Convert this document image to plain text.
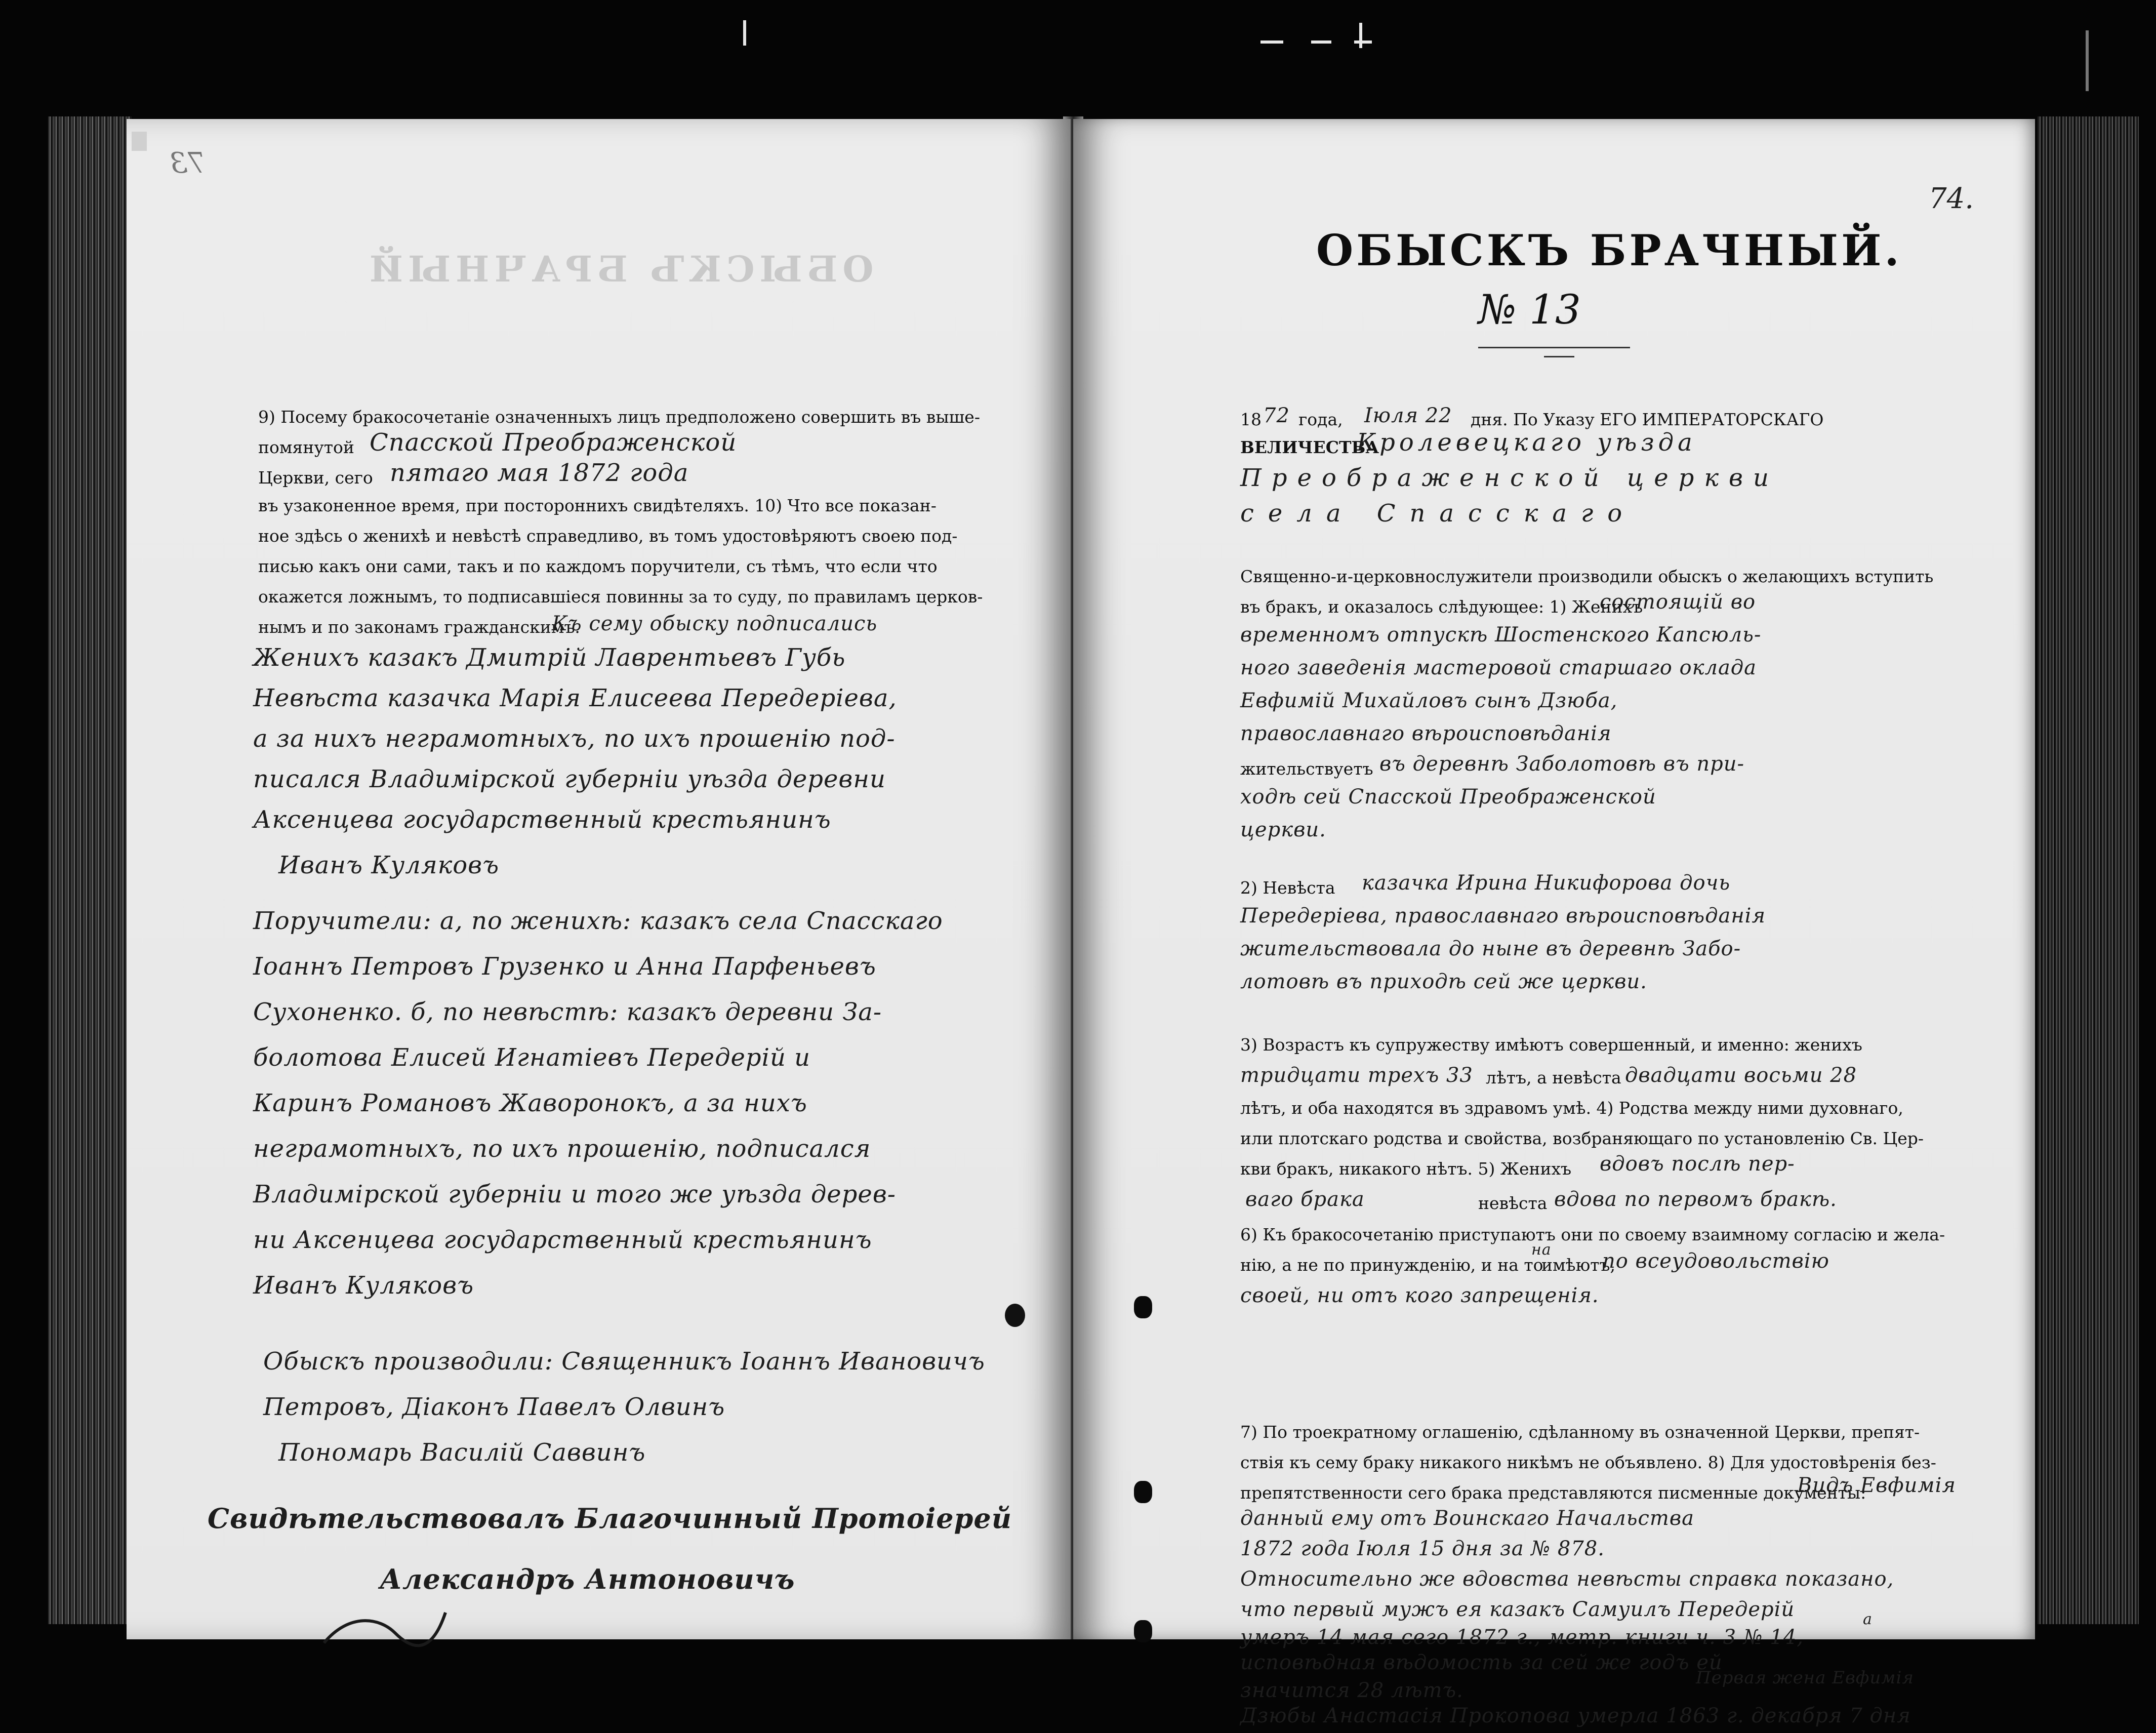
73
ОБЫСКЪ БРАЧНЫЙ
9) Посему бракосочетаніе означенныхъ лицъ предположено совершить въ выше-
помянутой Спасской Преображенской
Церкви, сего пятаго мая 1872 года
въ узаконенное время, при постороннихъ свидѣтеляхъ. 10) Что все показан-
ное здѣсь о женихѣ и невѣстѣ справедливо, въ томъ удостовѣряютъ своею под-
писью какъ они сами, такъ и по каждомъ поручители, съ тѣмъ, что если что
окажется ложнымъ, то подписавшіеся повинны за то суду, по правиламъ церков-
нымъ и по законамъ гражданскимъ.
Къ сему обыску подписались
Женихъ казакъ Дмитрiй Лаврентьевъ Губь
Невѣста казачка Марiя Елисеева Передерiева,
а за нихъ неграмотныхъ, по ихъ прошенiю под-
писался Владимiрской губернiи уѣзда деревни
Аксенцева государственный крестьянинъ
Иванъ Куляковъ
Поручители: а, по женихѣ: казакъ села Спасскаго
Iоаннъ Петровъ Грузенко и Анна Парфеньевъ
Сухоненко. б, по невѣстѣ: казакъ деревни За-
болотова Елисей Игнатiевъ Передерiй и
Каринъ Романовъ Жаворонокъ, а за нихъ
неграмотныхъ, по ихъ прошенiю, подписался
Владимiрской губернiи и того же уѣзда дерев-
ни Аксенцева государственный крестьянинъ
Иванъ Куляковъ
Обыскъ производили: Священникъ Iоаннъ Ивановичъ
Петровъ, Діаконъ Павелъ Олвинъ
Пономарь Василiй Саввинъ
Свидѣтельствовалъ Благочинный Протоiерей
Александръ Антоновичъ
74.
ОБЫСКЪ БРАЧНЫЙ.
№ 13
18 72 года, Iюля 22 дня. По Указу ЕГО ИМПЕРАТОРСКАГО
ВЕЛИЧЕСТВА
Кролевецкаго уѣзда
Преображенской церкви
села Спасскаго
Священно-и-церковнослужители производили обыскъ о желающихъ вступить
въ бракъ, и оказалось слѣдующее: 1) Женихъ
состоящiй во
временномъ отпускѣ Шостенского Капсюль-
ного заведенiя мастеровой старшаго оклада
Евфимiй Михайловъ сынъ Дзюба,
православнаго вѣроисповѣданiя
жительствуетъ въ деревнѣ Заболотовѣ въ при-
ходѣ сей Спасской Преображенской
церкви.
2) Невѣста казачка Ирина Никифорова дочь
Передерiева, православнаго вѣроисповѣданiя
жительствовала до ныне въ деревнѣ Забо-
лотовѣ въ приходѣ сей же церкви.
3) Возрастъ къ супружеству имѣютъ совершенный, и именно: женихъ
тридцати трехъ 33 лѣтъ, а невѣста двадцати восьми 28
лѣтъ, и оба находятся въ здравомъ умѣ. 4) Родства между ними духовнаго,
или плотскаго родства и свойства, возбраняющаго по установленію Св. Цер-
кви бракъ, никакого нѣтъ. 5) Женихъ вдовъ послѣ пер-
ваго брака	невѣста вдова по первомъ бракѣ.
6) Къ бракосочетанію приступаютъ они по своему взаимному согласію и жела-
нію, а не по принужденію, и на то
на
имѣютъ,
по всеудовольствiю
своей, ни отъ кого запрещенiя.
7) По троекратному оглашенію, сдѣланному въ означенной Церкви, препят-
ствія къ сему браку никакого никѣмъ не объявлено. 8) Для удостовѣренія без-
препятственности сего брака представляются писменные документы:
Видъ Евфимiя
данный ему отъ Воинскаго Начальства
1872 года Iюля 15 дня за № 878.
Относительно же вдовства невѣсты справка показано,
что первый мужъ ея казакъ Самуилъ Передерiй
умеръ 14 мая сего 1872 г., метр. книги ч. 3 № 14,
а
исповѣдная вѣдомость за сей же годъ ей
значится 28 лѣтъ.
Первая жена Евфимiя
Дзюбы Анастасiя Прокопова умерла 1863 г. декабря 7 дня
